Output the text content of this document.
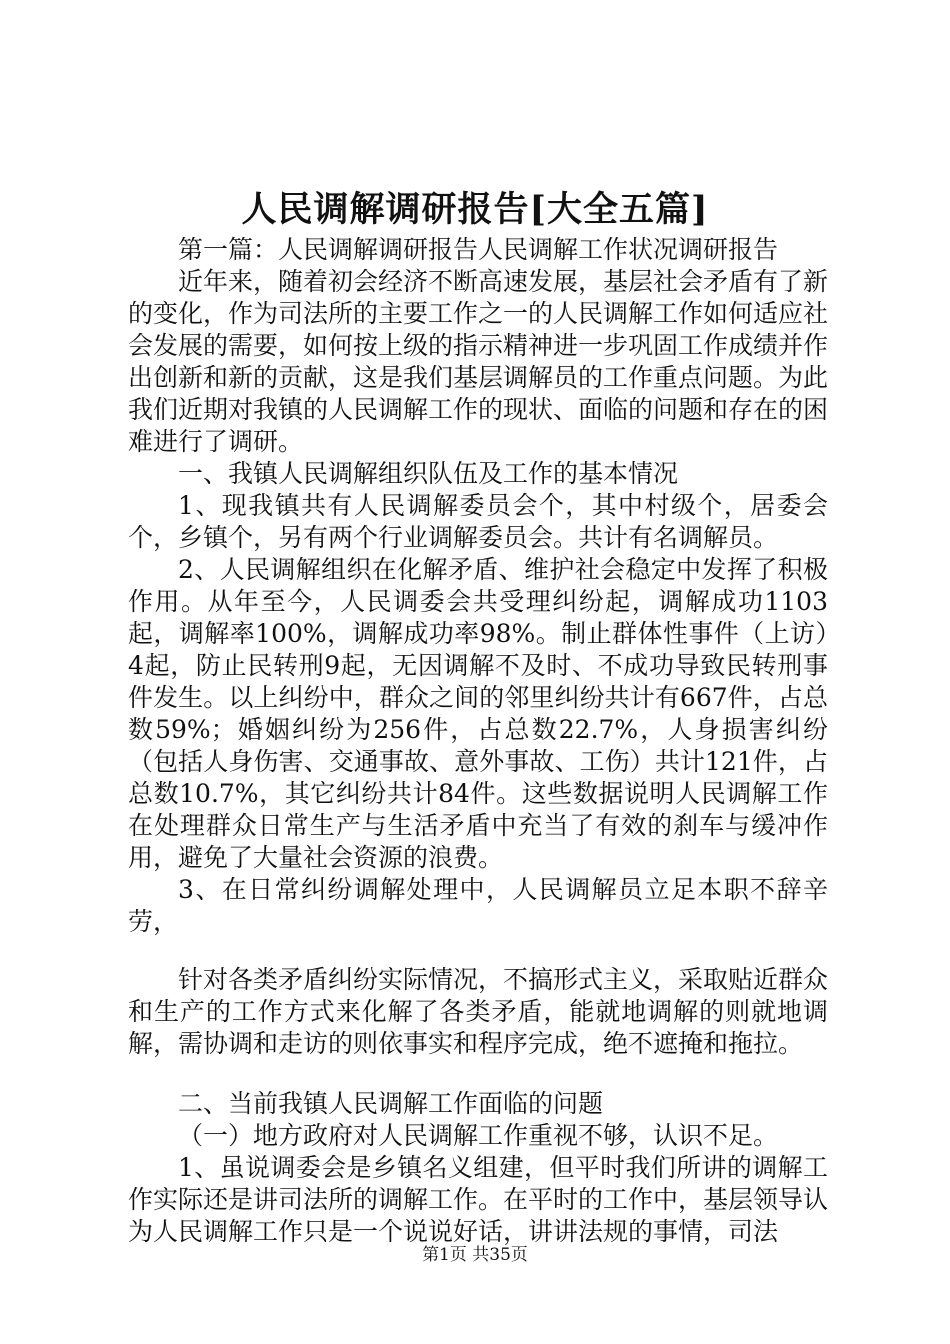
人民调解调研报告[大全五篇]

第一篇：人民调解调研报告人民调解工作状况调研报告

近年来，随着初会经济不断高速发展，基层社会矛盾有了新的变化，作为司法所的主要工作之一的人民调解工作如何适应社会发展的需要，如何按上级的指示精神进一步巩固工作成绩并作出创新和新的贡献，这是我们基层调解员的工作重点问题。为此我们近期对我镇的人民调解工作的现状、面临的问题和存在的困难进行了调研。

一、我镇人民调解组织队伍及工作的基本情况

1、现我镇共有人民调解委员会个，其中村级个，居委会个，乡镇个，另有两个行业调解委员会。共计有名调解员。

2、人民调解组织在化解矛盾、维护社会稳定中发挥了积极作用。从年至今，人民调委会共受理纠纷起，调解成功1103起，调解率100%，调解成功率98%。制止群体性事件（上访）4起，防止民转刑9起，无因调解不及时、不成功导致民转刑事件发生。以上纠纷中，群众之间的邻里纠纷共计有667件，占总数59%；婚姻纠纷为256件，占总数22.7%，人身损害纠纷（包括人身伤害、交通事故、意外事故、工伤）共计121件，占总数10.7%，其它纠纷共计84件。这些数据说明人民调解工作在处理群众日常生产与生活矛盾中充当了有效的刹车与缓冲作用，避免了大量社会资源的浪费。

3、在日常纠纷调解处理中，人民调解员立足本职不辞辛劳，

针对各类矛盾纠纷实际情况，不搞形式主义，采取贴近群众和生产的工作方式来化解了各类矛盾，能就地调解的则就地调解，需协调和走访的则依事实和程序完成，绝不遮掩和拖拉。

二、当前我镇人民调解工作面临的问题

（一）地方政府对人民调解工作重视不够，认识不足。

1、虽说调委会是乡镇名义组建，但平时我们所讲的调解工作实际还是讲司法所的调解工作。在平时的工作中，基层领导认为人民调解工作只是一个说说好话，讲讲法规的事情，司法

第1页 共35页
